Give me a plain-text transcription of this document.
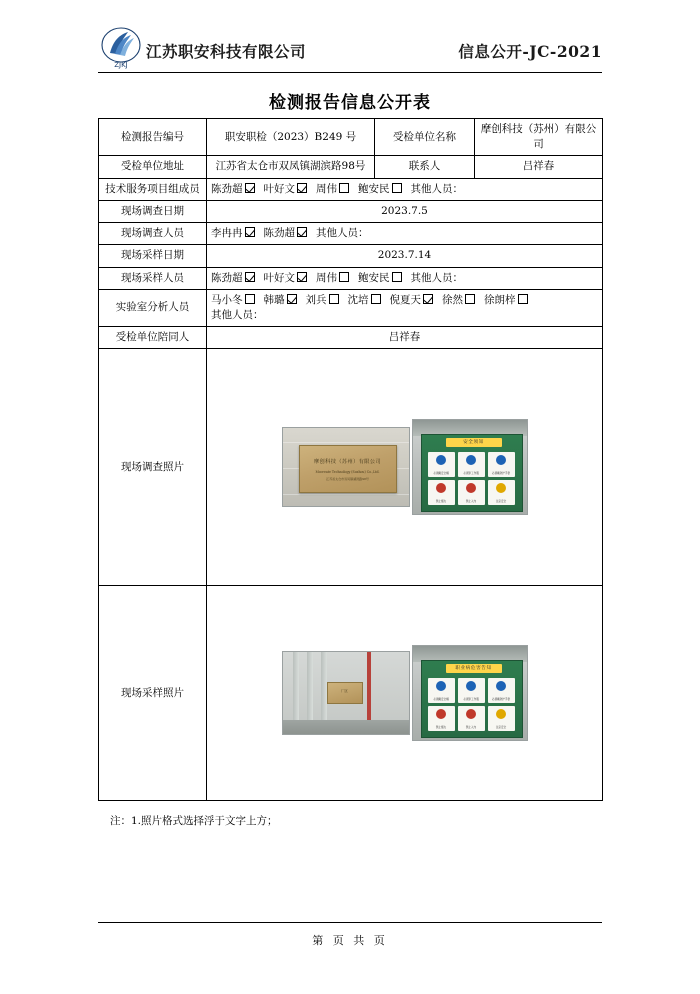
ZJKJ
江苏职安科技有限公司	信息公开-JC-2021
检测报告信息公开表
检测报告编号	职安职检（2023）B249 号	受检单位名称	摩创科技（苏州）有限公司
受检单位地址	江苏省太仓市双凤镇湖滨路98号	联系人	吕祥春
技术服务项目组成员	陈劲超 叶好文 周伟 鲍安民 其他人员：		
现场调查日期	2023.7.5		
现场调查人员	李冉冉 陈劲超 其他人员：		
现场采样日期	2023.7.14		
现场采样人员	陈劲超 叶好文 周伟 鲍安民 其他人员：		
实验室分析人员	马小冬 韩璐 刘兵 沈培 倪夏天 徐然 徐朗梓
其他人员：		

受检单位陪同人	吕祥春		
现场调查照片	摩创科技（苏州）有限公司
Mocreate Technology (Suzhou) Co.,Ltd.
江苏省太仓市双凤镇湖滨路98号
安全须知
必须戴安全帽	必须穿工作服	必须戴防护手套
禁止烟火	禁止入内	注意安全

现场采样照片	厂区
职业病危害告知
必须戴安全帽	必须穿工作服	必须戴防护手套
禁止烟火	禁止入内	注意安全
注：1.照片格式选择浮于文字上方；
第 页 共 页
